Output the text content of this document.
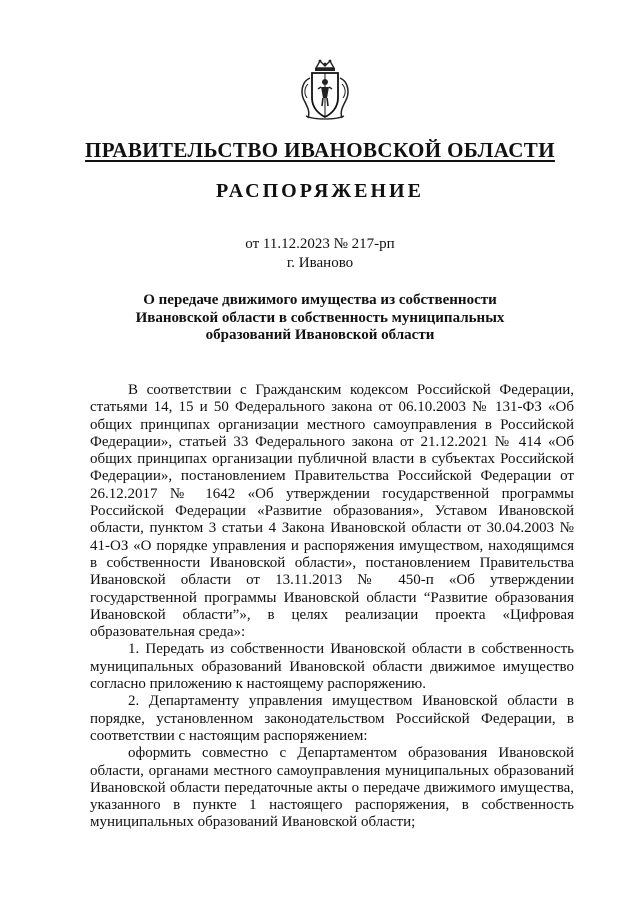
ПРАВИТЕЛЬСТВО ИВАНОВСКОЙ ОБЛАСТИ
РАСПОРЯЖЕНИЕ
от 11.12.2023 № 217-рп
г. Иваново
О передаче движимого имущества из собственности
Ивановской области в собственность муниципальных
образований Ивановской области

В соответствии с Гражданским кодексом Российской Федерации, статьями 14, 15 и 50 Федерального закона от 06.10.2003 № 131-ФЗ «Об общих принципах организации местного самоуправления в Российской Федерации», статьей 33 Федерального закона от 21.12.2021 № 414 «Об общих принципах организации публичной власти в субъектах Российской Федерации», постановлением Правительства Российской Федерации от 26.12.2017 № 1642 «Об утверждении государственной программы Российской Федерации «Развитие образования», Уставом Ивановской области, пунктом 3 статьи 4 Закона Ивановской области от 30.04.2003 № 41-ОЗ «О порядке управления и распоряжения имуществом, находящимся в собственности Ивановской области», постановлением Правительства Ивановской области от 13.11.2013 № 450-п «Об утверждении государственной программы Ивановской области “Развитие образования Ивановской области”», в целях реализации проекта «Цифровая образовательная среда»:

1. Передать из собственности Ивановской области в собственность муниципальных образований Ивановской области движимое имущество согласно приложению к настоящему распоряжению.

2. Департаменту управления имуществом Ивановской области в порядке, установленном законодательством Российской Федерации, в соответствии с настоящим распоряжением:

оформить совместно с Департаментом образования Ивановской области, органами местного самоуправления муниципальных образований Ивановской области передаточные акты о передаче движимого имущества, указанного в пункте 1 настоящего распоряжения, в собственность муниципальных образований Ивановской области;
